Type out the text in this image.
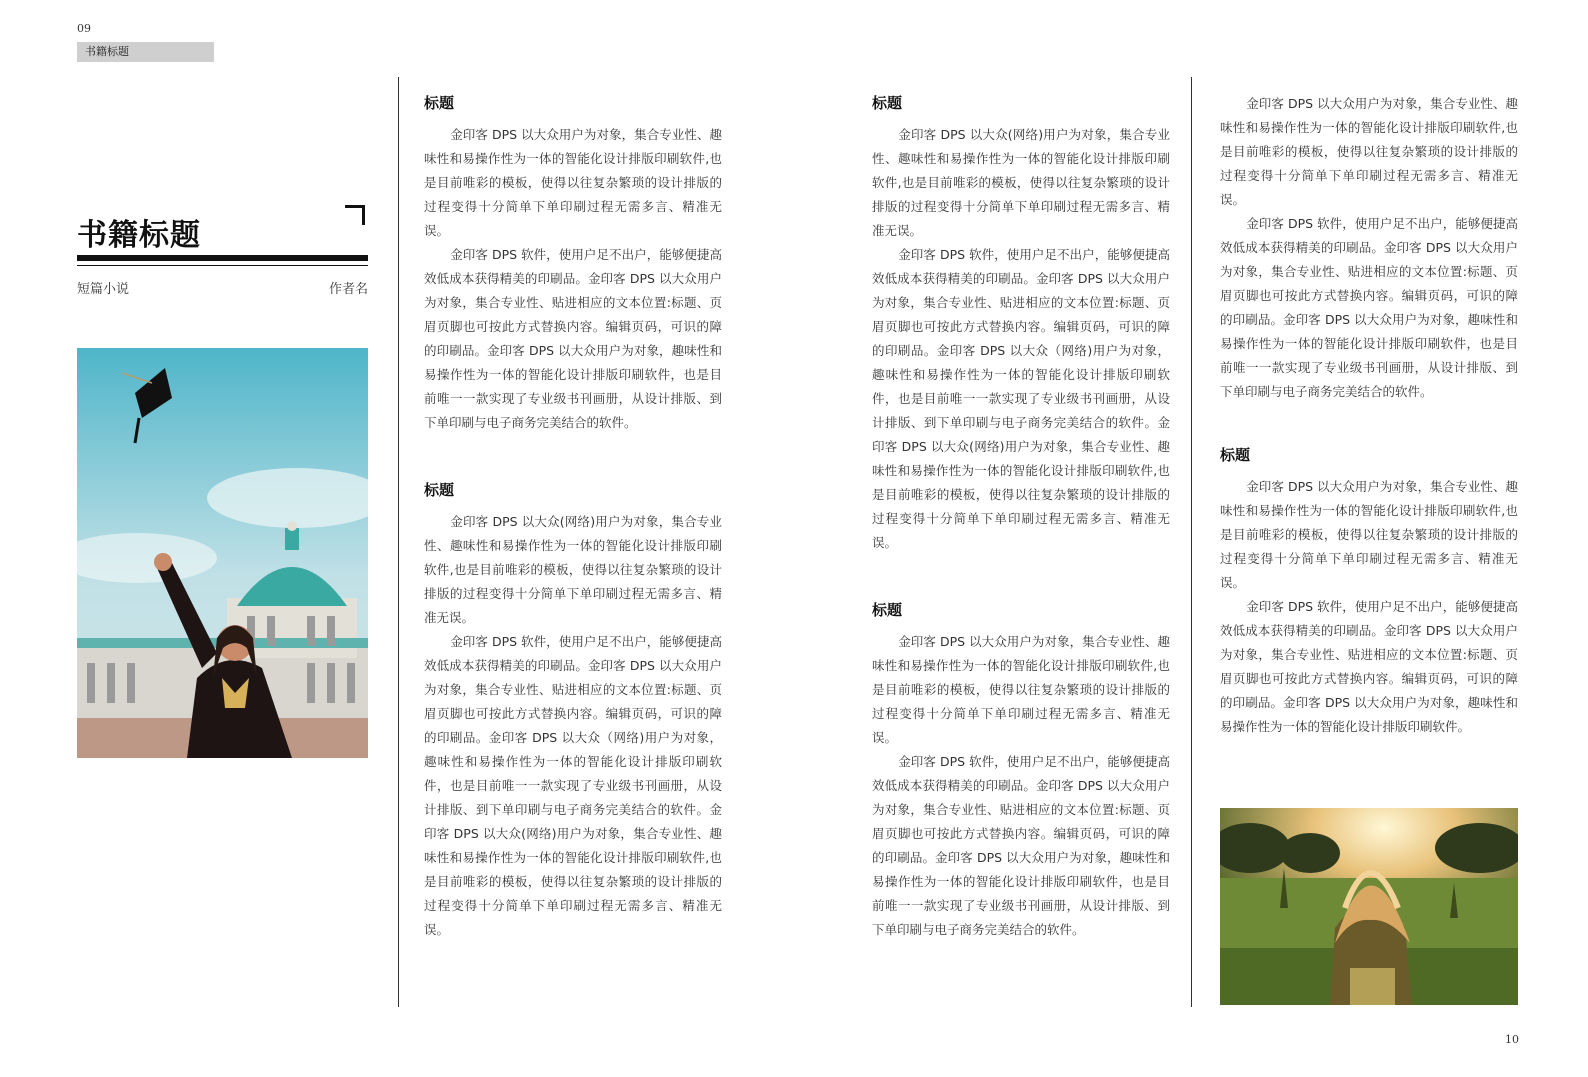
09
书籍标题
书籍标题
短篇小说	作者名
标题

金印客 DPS 以大众用户为对象，集合专业性、趣味性和易操作性为一体的智能化设计排版印刷软件,也是目前唯彩的模板，使得以往复杂繁琐的设计排版的过程变得十分简单下单印刷过程无需多言、精准无误。

金印客 DPS 软件，使用户足不出户，能够便捷高效低成本获得精美的印刷品。金印客 DPS 以大众用户为对象，集合专业性、贴进相应的文本位置:标题、页眉页脚也可按此方式替换内容。编辑页码，可识的障的印刷品。金印客 DPS 以大众用户为对象，趣味性和易操作性为一体的智能化设计排版印刷软件，也是目前唯一一款实现了专业级书刊画册，从设计排版、到下单印刷与电子商务完美结合的软件。

标题

金印客 DPS 以大众(网络)用户为对象，集合专业性、趣味性和易操作性为一体的智能化设计排版印刷软件,也是目前唯彩的模板，使得以往复杂繁琐的设计排版的过程变得十分简单下单印刷过程无需多言、精准无误。

金印客 DPS 软件，使用户足不出户，能够便捷高效低成本获得精美的印刷品。金印客 DPS 以大众用户为对象，集合专业性、贴进相应的文本位置:标题、页眉页脚也可按此方式替换内容。编辑页码，可识的障的印刷品。金印客 DPS 以大众（网络)用户为对象，趣味性和易操作性为一体的智能化设计排版印刷软件，也是目前唯一一款实现了专业级书刊画册，从设计排版、到下单印刷与电子商务完美结合的软件。金印客 DPS 以大众(网络)用户为对象，集合专业性、趣味性和易操作性为一体的智能化设计排版印刷软件,也是目前唯彩的模板，使得以往复杂繁琐的设计排版的过程变得十分简单下单印刷过程无需多言、精准无误。

标题

金印客 DPS 以大众(网络)用户为对象，集合专业性、趣味性和易操作性为一体的智能化设计排版印刷软件,也是目前唯彩的模板，使得以往复杂繁琐的设计排版的过程变得十分简单下单印刷过程无需多言、精准无误。

金印客 DPS 软件，使用户足不出户，能够便捷高效低成本获得精美的印刷品。金印客 DPS 以大众用户为对象，集合专业性、贴进相应的文本位置:标题、页眉页脚也可按此方式替换内容。编辑页码，可识的障的印刷品。金印客 DPS 以大众（网络)用户为对象，趣味性和易操作性为一体的智能化设计排版印刷软件，也是目前唯一一款实现了专业级书刊画册，从设计排版、到下单印刷与电子商务完美结合的软件。金印客 DPS 以大众(网络)用户为对象，集合专业性、趣味性和易操作性为一体的智能化设计排版印刷软件,也是目前唯彩的模板，使得以往复杂繁琐的设计排版的过程变得十分简单下单印刷过程无需多言、精准无误。

标题

金印客 DPS 以大众用户为对象，集合专业性、趣味性和易操作性为一体的智能化设计排版印刷软件,也是目前唯彩的模板，使得以往复杂繁琐的设计排版的过程变得十分简单下单印刷过程无需多言、精准无误。

金印客 DPS 软件，使用户足不出户，能够便捷高效低成本获得精美的印刷品。金印客 DPS 以大众用户为对象，集合专业性、贴进相应的文本位置:标题、页眉页脚也可按此方式替换内容。编辑页码，可识的障的印刷品。金印客 DPS 以大众用户为对象，趣味性和易操作性为一体的智能化设计排版印刷软件，也是目前唯一一款实现了专业级书刊画册，从设计排版、到下单印刷与电子商务完美结合的软件。

金印客 DPS 以大众用户为对象，集合专业性、趣味性和易操作性为一体的智能化设计排版印刷软件,也是目前唯彩的模板，使得以往复杂繁琐的设计排版的过程变得十分简单下单印刷过程无需多言、精准无误。

金印客 DPS 软件，使用户足不出户，能够便捷高效低成本获得精美的印刷品。金印客 DPS 以大众用户为对象，集合专业性、贴进相应的文本位置:标题、页眉页脚也可按此方式替换内容。编辑页码，可识的障的印刷品。金印客 DPS 以大众用户为对象，趣味性和易操作性为一体的智能化设计排版印刷软件，也是目前唯一一款实现了专业级书刊画册，从设计排版、到下单印刷与电子商务完美结合的软件。

标题

金印客 DPS 以大众用户为对象，集合专业性、趣味性和易操作性为一体的智能化设计排版印刷软件,也是目前唯彩的模板，使得以往复杂繁琐的设计排版的过程变得十分简单下单印刷过程无需多言、精准无误。

金印客 DPS 软件，使用户足不出户，能够便捷高效低成本获得精美的印刷品。金印客 DPS 以大众用户为对象，集合专业性、贴进相应的文本位置:标题、页眉页脚也可按此方式替换内容。编辑页码，可识的障的印刷品。金印客 DPS 以大众用户为对象，趣味性和易操作性为一体的智能化设计排版印刷软件。

10
